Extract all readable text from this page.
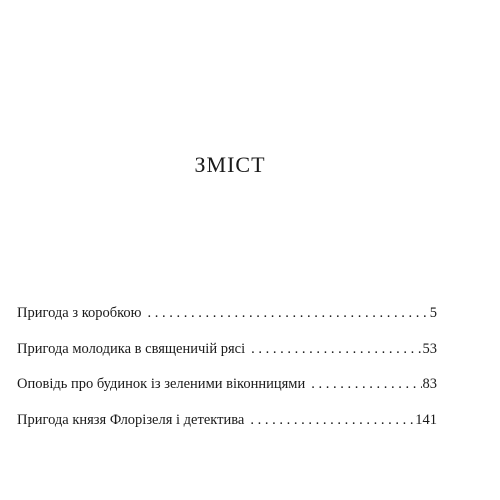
ЗМІСТ
Пригода з коробкою . . .	5
Пригода молодика в священичій рясі . . .	53
Оповідь про будинок із зеленими віконницями . . .	83
Пригода князя Флорізеля і детектива . . .	141
